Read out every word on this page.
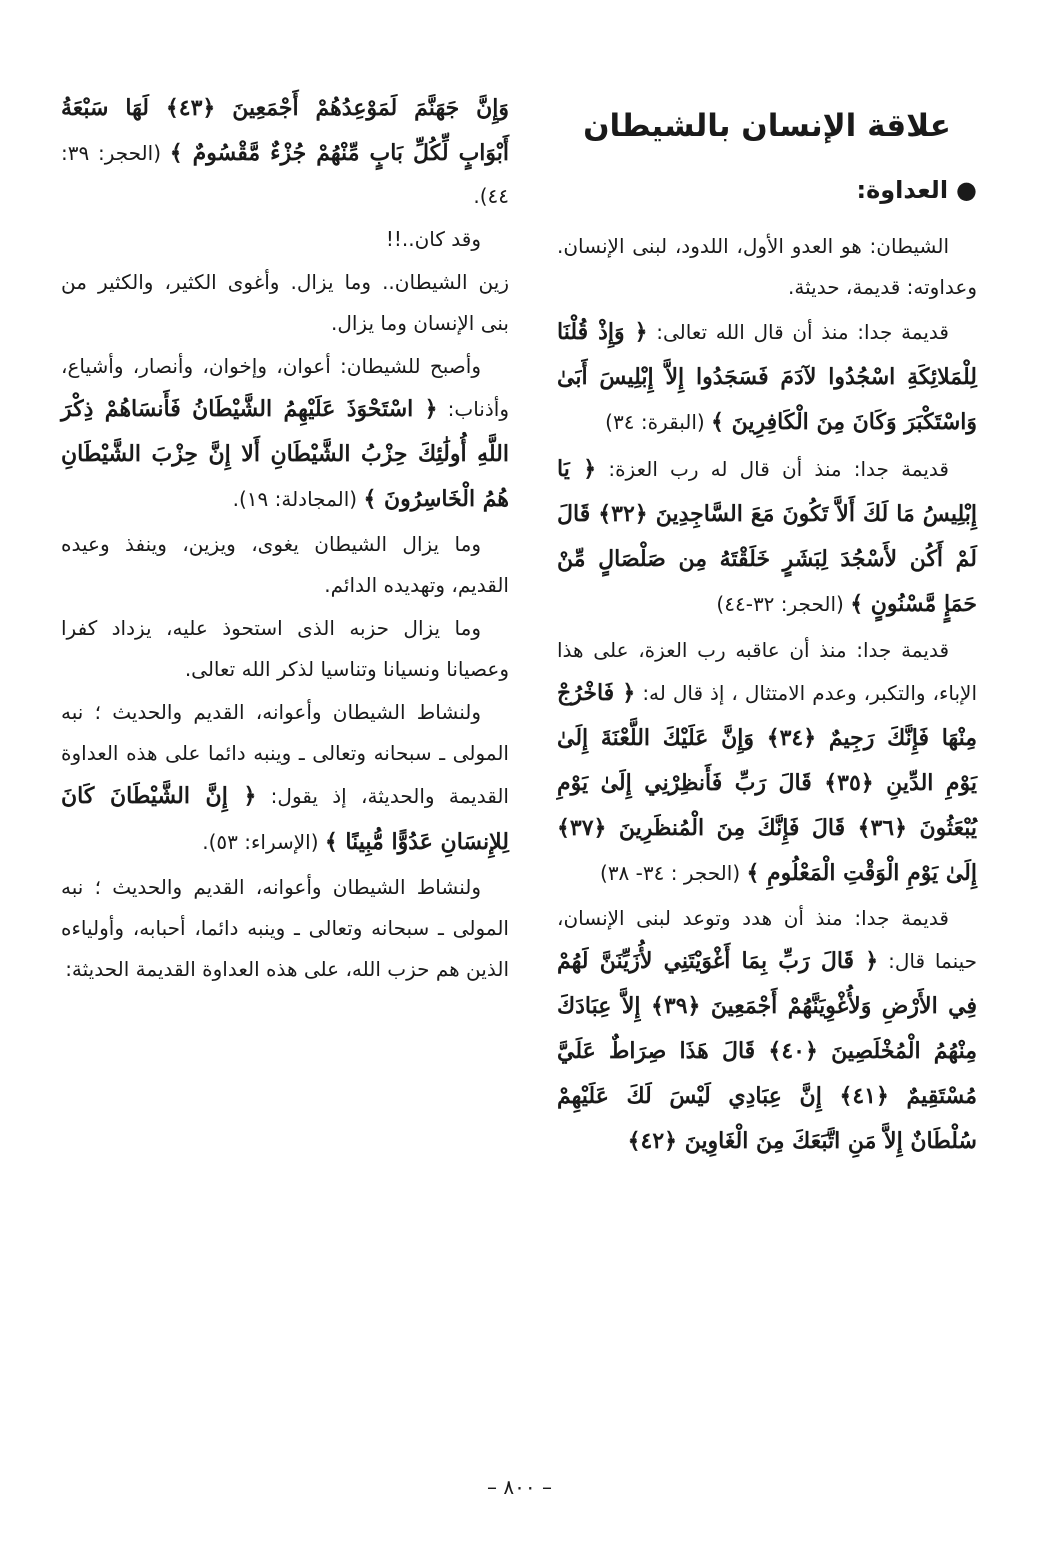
علاقة الإنسان بالشيطان
●العداوة:

الشيطان: هو العدو الأول، اللدود، لبنى الإنسان. وعداوته: قديمة، حديثة.

قديمة جدا: منذ أن قال الله تعالى: ﴿ وَإِذْ قُلْنَا لِلْمَلائِكَةِ اسْجُدُوا لآدَمَ فَسَجَدُوا إِلاَّ إِبْلِيسَ أَبَىٰ وَاسْتَكْبَرَ وَكَانَ مِنَ الْكَافِرِينَ ﴾ (البقرة: ٣٤)

قديمة جدا: منذ أن قال له رب العزة: ﴿ يَا إِبْلِيسُ مَا لَكَ أَلاَّ تَكُونَ مَعَ السَّاجِدِينَ ﴿٣٢﴾ قَالَ لَمْ أَكُن لأَسْجُدَ لِبَشَرٍ خَلَقْتَهُ مِن صَلْصَالٍ مِّنْ حَمَإٍ مَّسْنُونٍ ﴾ (الحجر: ٣٢-٤٤)

قديمة جدا: منذ أن عاقبه رب العزة، على هذا الإباء، والتكبر، وعدم الامتثال ، إذ قال له: ﴿ فَاخْرُجْ مِنْهَا فَإِنَّكَ رَجِيمٌ ﴿٣٤﴾ وَإِنَّ عَلَيْكَ اللَّعْنَةَ إِلَىٰ يَوْمِ الدِّينِ ﴿٣٥﴾ قَالَ رَبِّ فَأَنظِرْنِي إِلَىٰ يَوْمِ يُبْعَثُونَ ﴿٣٦﴾ قَالَ فَإِنَّكَ مِنَ الْمُنظَرِينَ ﴿٣٧﴾ إِلَىٰ يَوْمِ الْوَقْتِ الْمَعْلُومِ ﴾ (الحجر : ٣٤- ٣٨)

قديمة جدا: منذ أن هدد وتوعد لبنى الإنسان، حينما قال: ﴿ قَالَ رَبِّ بِمَا أَغْوَيْتَنِي لأُزَيِّنَنَّ لَهُمْ فِي الأَرْضِ وَلأُغْوِيَنَّهُمْ أَجْمَعِينَ ﴿٣٩﴾ إِلاَّ عِبَادَكَ مِنْهُمُ الْمُخْلَصِينَ ﴿٤٠﴾ قَالَ هَذَا صِرَاطٌ عَلَيَّ مُسْتَقِيمٌ ﴿٤١﴾ إِنَّ عِبَادِي لَيْسَ لَكَ عَلَيْهِمْ سُلْطَانٌ إِلاَّ مَنِ اتَّبَعَكَ مِنَ الْغَاوِينَ ﴿٤٢﴾

وَإِنَّ جَهَنَّمَ لَمَوْعِدُهُمْ أَجْمَعِينَ ﴿٤٣﴾ لَهَا سَبْعَةُ أَبْوَابٍ لِّكُلِّ بَابٍ مِّنْهُمْ جُزْءٌ مَّقْسُومٌ ﴾ (الحجر: ٣٩: ٤٤).

وقد كان..!!

زين الشيطان.. وما يزال. وأغوى الكثير، والكثير من بنى الإنسان وما يزال.

وأصبح للشيطان: أعوان، وإخوان، وأنصار، وأشياع، وأذناب: ﴿ اسْتَحْوَذَ عَلَيْهِمُ الشَّيْطَانُ فَأَنسَاهُمْ ذِكْرَ اللَّهِ أُولَٰئِكَ حِزْبُ الشَّيْطَانِ أَلا إِنَّ حِزْبَ الشَّيْطَانِ هُمُ الْخَاسِرُونَ ﴾ (المجادلة: ١٩).

وما يزال الشيطان يغوى، ويزين، وينفذ وعيده القديم، وتهديده الدائم.

وما يزال حزبه الذى استحوذ عليه، يزداد كفرا وعصيانا ونسيانا وتناسيا لذكر الله تعالى.

ولنشاط الشيطان وأعوانه، القديم والحديث ؛ نبه المولى ـ سبحانه وتعالى ـ وينبه دائما على هذه العداوة القديمة والحديثة، إذ يقول: ﴿ إِنَّ الشَّيْطَانَ كَانَ لِلإِنسَانِ عَدُوًّا مُّبِينًا ﴾ (الإسراء: ٥٣).

ولنشاط الشيطان وأعوانه، القديم والحديث ؛ نبه المولى ـ سبحانه وتعالى ـ وينبه دائما، أحبابه، وأولياءه الذين هم حزب الله، على هذه العداوة القديمة الحديثة:

– ٨٠٠ –
